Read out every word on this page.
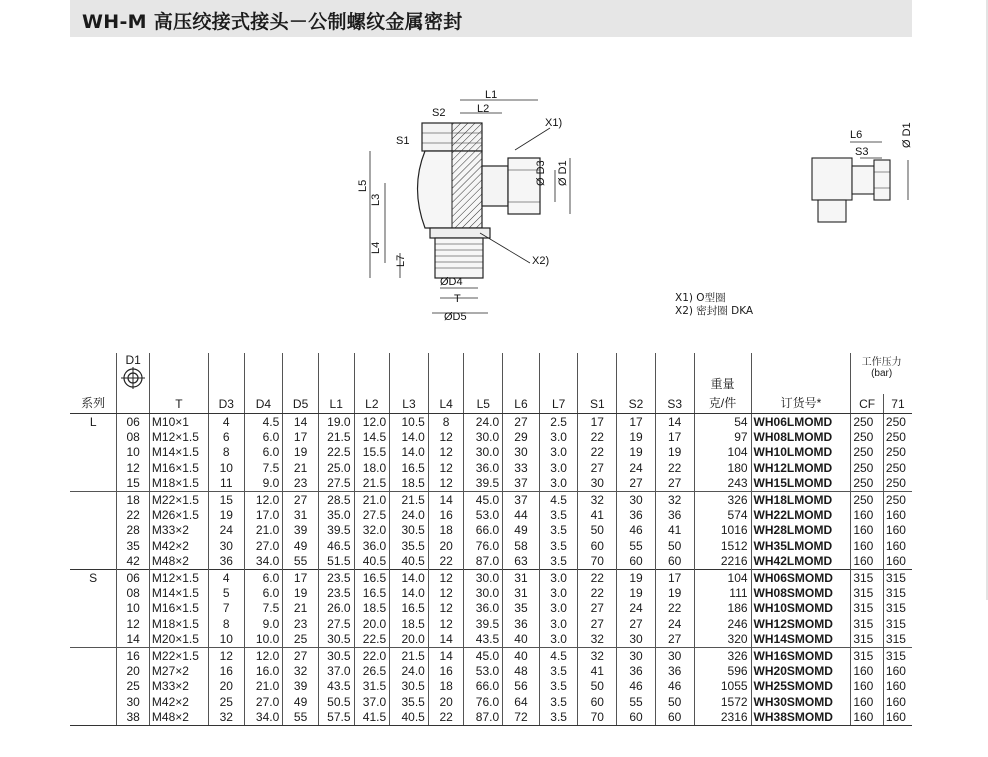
WH-M 高压绞接式接头－公制螺纹金属密封
L1
L2
S2
S1
X1)
X2)
L5
L3
L4
L7
Ø D3 Ø D1
ØD4
T
ØD5
L6
S3
Ø D1
X1) O型圈
X2) 密封圈 DKA

	D1															重量		工作压力 (bar)	
系列		T	D3	D4	D5	L1	L2	L3	L4	L5	L6	L7	S1	S2	S3	克/件	订货号*	CF	71
L	06	M10×1	4	4.5	14	19.0	12.0	10.5	8	24.0	27	2.5	17	17	14	54	WH06LMOMD	250	250
	08	M12×1.5	6	6.0	17	21.5	14.5	14.0	12	30.0	29	3.0	22	19	17	97	WH08LMOMD	250	250
	10	M14×1.5	8	6.0	19	22.5	15.5	14.0	12	30.0	30	3.0	22	19	19	104	WH10LMOMD	250	250
	12	M16×1.5	10	7.5	21	25.0	18.0	16.5	12	36.0	33	3.0	27	24	22	180	WH12LMOMD	250	250
	15	M18×1.5	11	9.0	23	27.5	21.5	18.5	12	39.5	37	3.0	30	27	27	243	WH15LMOMD	250	250
	18	M22×1.5	15	12.0	27	28.5	21.0	21.5	14	45.0	37	4.5	32	30	32	326	WH18LMOMD	250	250
	22	M26×1.5	19	17.0	31	35.0	27.5	24.0	16	53.0	44	3.5	41	36	36	574	WH22LMOMD	160	160
	28	M33×2	24	21.0	39	39.5	32.0	30.5	18	66.0	49	3.5	50	46	41	1016	WH28LMOMD	160	160
	35	M42×2	30	27.0	49	46.5	36.0	35.5	20	76.0	58	3.5	60	55	50	1512	WH35LMOMD	160	160
	42	M48×2	36	34.0	55	51.5	40.5	40.5	22	87.0	63	3.5	70	60	60	2216	WH42LMOMD	160	160
S	06	M12×1.5	4	6.0	17	23.5	16.5	14.0	12	30.0	31	3.0	22	19	17	104	WH06SMOMD	315	315
	08	M14×1.5	5	6.0	19	23.5	16.5	14.0	12	30.0	31	3.0	22	19	19	111	WH08SMOMD	315	315
	10	M16×1.5	7	7.5	21	26.0	18.5	16.5	12	36.0	35	3.0	27	24	22	186	WH10SMOMD	315	315
	12	M18×1.5	8	9.0	23	27.5	20.0	18.5	12	39.5	36	3.0	27	27	24	246	WH12SMOMD	315	315
	14	M20×1.5	10	10.0	25	30.5	22.5	20.0	14	43.5	40	3.0	32	30	27	320	WH14SMOMD	315	315
	16	M22×1.5	12	12.0	27	30.5	22.0	21.5	14	45.0	40	4.5	32	30	30	326	WH16SMOMD	315	315
	20	M27×2	16	16.0	32	37.0	26.5	24.0	16	53.0	48	3.5	41	36	36	596	WH20SMOMD	160	160
	25	M33×2	20	21.0	39	43.5	31.5	30.5	18	66.0	56	3.5	50	46	46	1055	WH25SMOMD	160	160
	30	M42×2	25	27.0	49	50.5	37.0	35.5	20	76.0	64	3.5	60	55	50	1572	WH30SMOMD	160	160
	38	M48×2	32	34.0	55	57.5	41.5	40.5	22	87.0	72	3.5	70	60	60	2316	WH38SMOMD	160	160
